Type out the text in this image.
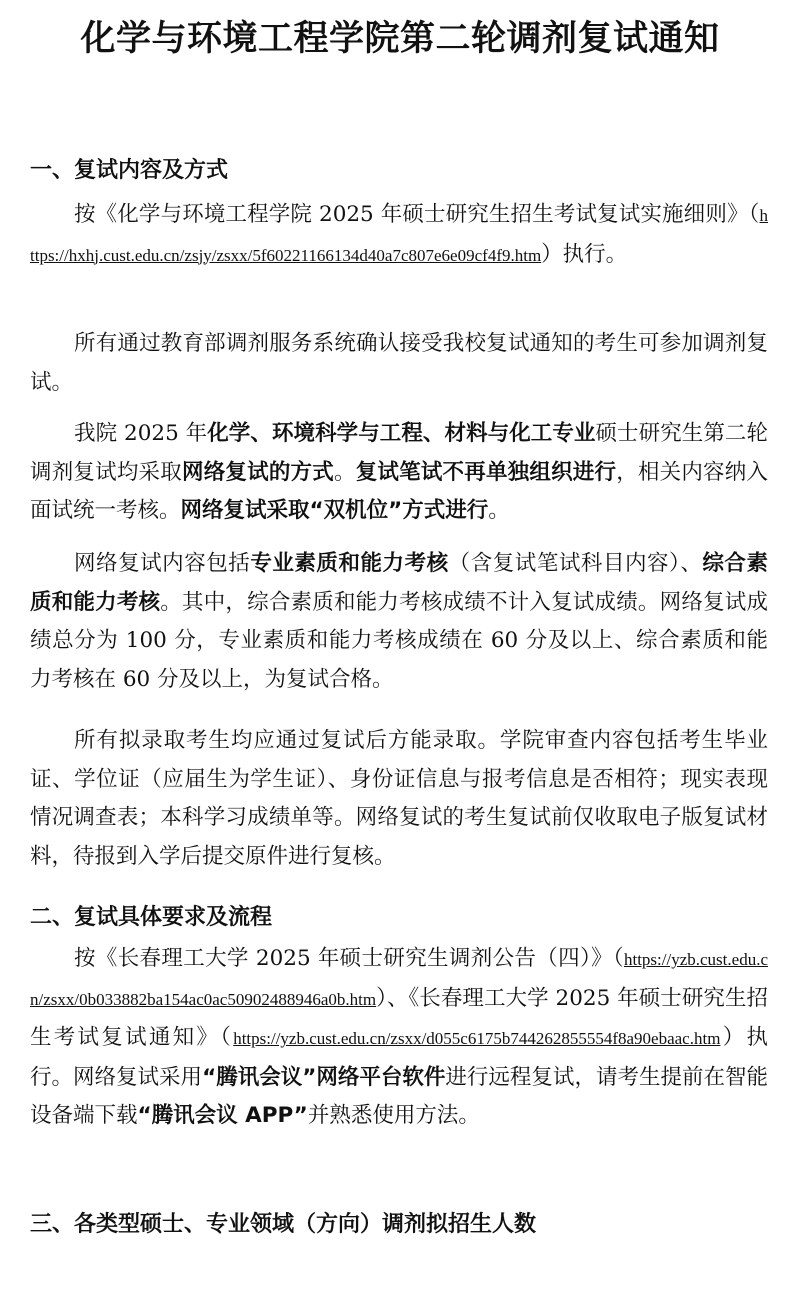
化学与环境工程学院第二轮调剂复试通知
一、复试内容及方式

按《化学与环境工程学院 2025 年硕士研究生招生考试复试实施细则》（https://hxhj.cust.edu.cn/zsjy/zsxx/5f60221166134d40a7c807e6e09cf4f9.htm）执行。

所有通过教育部调剂服务系统确认接受我校复试通知的考生可参加调剂复试。

我院 2025 年化学、环境科学与工程、材料与化工专业硕士研究生第二轮调剂复试均采取网络复试的方式。复试笔试不再单独组织进行，相关内容纳入面试统一考核。网络复试采取“双机位”方式进行。

网络复试内容包括专业素质和能力考核（含复试笔试科目内容）、综合素质和能力考核。其中，综合素质和能力考核成绩不计入复试成绩。网络复试成绩总分为 100 分，专业素质和能力考核成绩在 60 分及以上、综合素质和能力考核在 60 分及以上，为复试合格。

所有拟录取考生均应通过复试后方能录取。学院审查内容包括考生毕业证、学位证（应届生为学生证）、身份证信息与报考信息是否相符；现实表现情况调查表；本科学习成绩单等。网络复试的考生复试前仅收取电子版复试材料，待报到入学后提交原件进行复核。

二、复试具体要求及流程

按《长春理工大学 2025 年硕士研究生调剂公告（四）》（https://yzb.cust.edu.cn/zsxx/0b033882ba154ac0ac50902488946a0b.htm）、《长春理工大学 2025 年硕士研究生招生考试复试通知》（https://yzb.cust.edu.cn/zsxx/d055c6175b744262855554f8a90ebaac.htm）执行。网络复试采用“腾讯会议”网络平台软件进行远程复试，请考生提前在智能设备端下载“腾讯会议 APP”并熟悉使用方法。

三、各类型硕士、专业领域（方向）调剂拟招生人数
